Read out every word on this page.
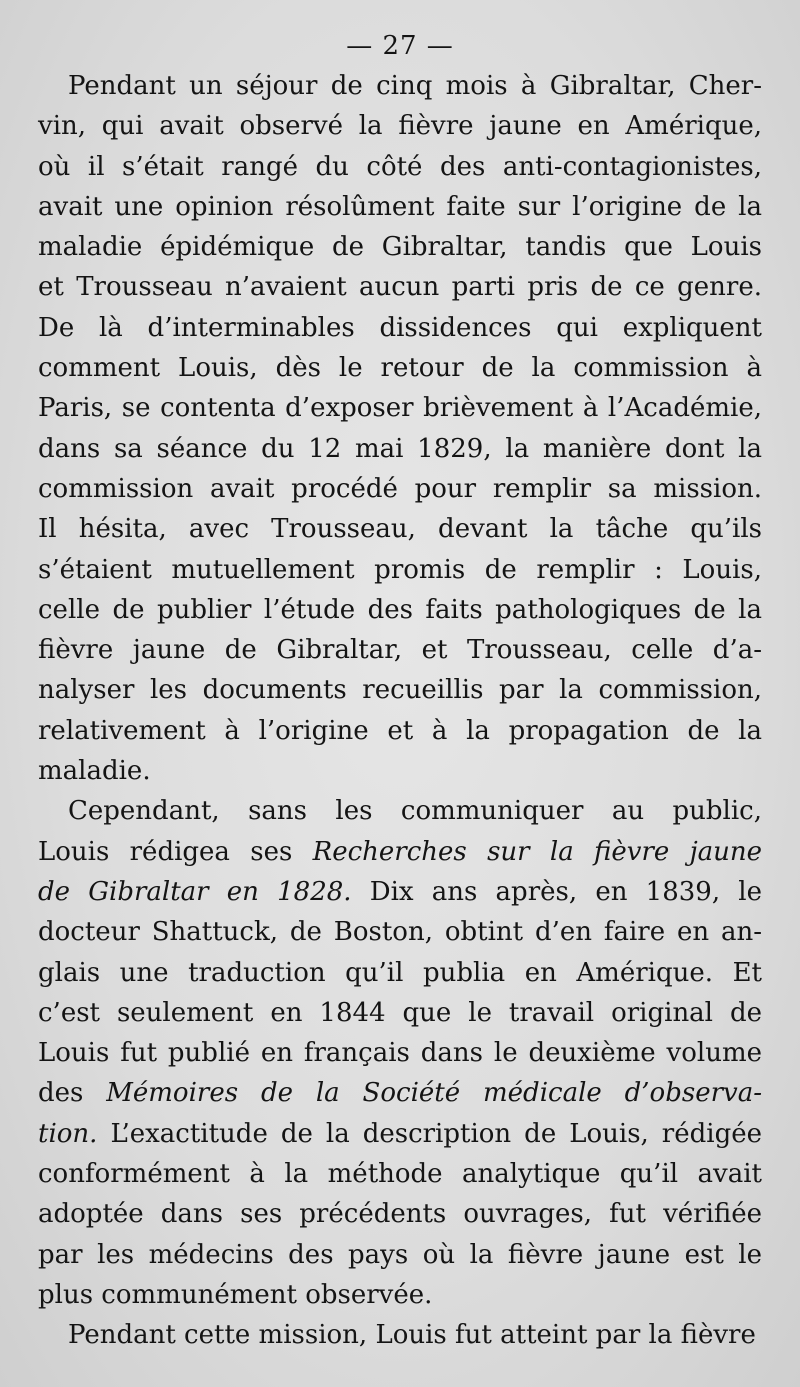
— 27 —

Pendant un séjour de cinq mois à Gibraltar, Cher-
vin, qui avait observé la fièvre jaune en Amérique,
où il s’était rangé du côté des anti-contagionistes,
avait une opinion résolûment faite sur l’origine de la
maladie épidémique de Gibraltar, tandis que Louis
et Trousseau n’avaient aucun parti pris de ce genre.
De là d’interminables dissidences qui expliquent
comment Louis, dès le retour de la commission à
Paris, se contenta d’exposer brièvement à l’Académie,
dans sa séance du 12 mai 1829, la manière dont la
commission avait procédé pour remplir sa mission.
Il hésita, avec Trousseau, devant la tâche qu’ils
s’étaient mutuellement promis de remplir : Louis,
celle de publier l’étude des faits pathologiques de la
fièvre jaune de Gibraltar, et Trousseau, celle d’a-
nalyser les documents recueillis par la commission,
relativement à l’origine et à la propagation de la
maladie.

Cependant, sans les communiquer au public,
Louis rédigea ses Recherches sur la fièvre jaune
de Gibraltar en 1828. Dix ans après, en 1839, le
docteur Shattuck, de Boston, obtint d’en faire en an-
glais une traduction qu’il publia en Amérique. Et
c’est seulement en 1844 que le travail original de
Louis fut publié en français dans le deuxième volume
des Mémoires de la Société médicale d’observa-
tion. L’exactitude de la description de Louis, rédigée
conformément à la méthode analytique qu’il avait
adoptée dans ses précédents ouvrages, fut vérifiée
par les médecins des pays où la fièvre jaune est le
plus communément observée.

Pendant cette mission, Louis fut atteint par la fièvre
